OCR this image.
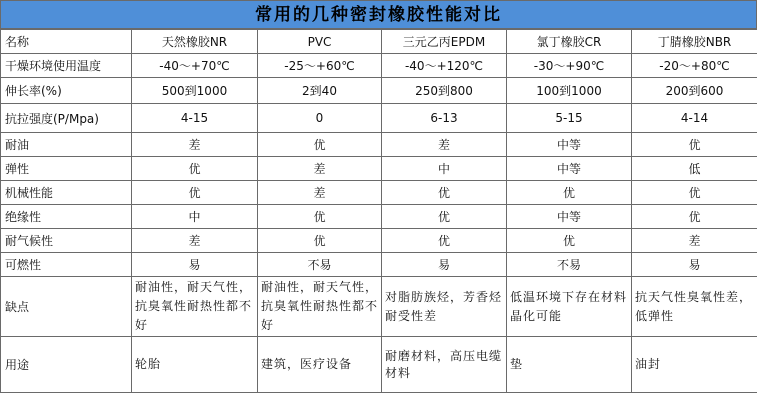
常用的几种密封橡胶性能对比
名称	天然橡胶NR	PVC	三元乙丙EPDM	氯丁橡胶CR	丁腈橡胶NBR
干燥环境使用温度	-40～+70℃	-25～+60℃	-40～+120℃	-30～+90℃	-20～+80℃
伸长率(%)	500到1000	2到40	250到800	100到1000	200到600
抗拉强度(P/Mpa)	4-15	0	6-13	5-15	4-14
耐油	差	优	差	中等	优
弹性	优	差	中	中等	低
机械性能	优	差	优	优	优
绝缘性	中	优	优	中等	优
耐气候性	差	优	优	优	差
可燃性	易	不易	易	不易	易
缺点	耐油性，耐天气性，抗臭氧性耐热性都不好	耐油性，耐天气性，抗臭氧性耐热性都不好	对脂肪族烃，芳香烃耐受性差	低温环境下存在材料晶化可能	抗天气性臭氧性差，低弹性
用途	轮胎	建筑，医疗设备	耐磨材料，高压电缆材料	垫	油封
